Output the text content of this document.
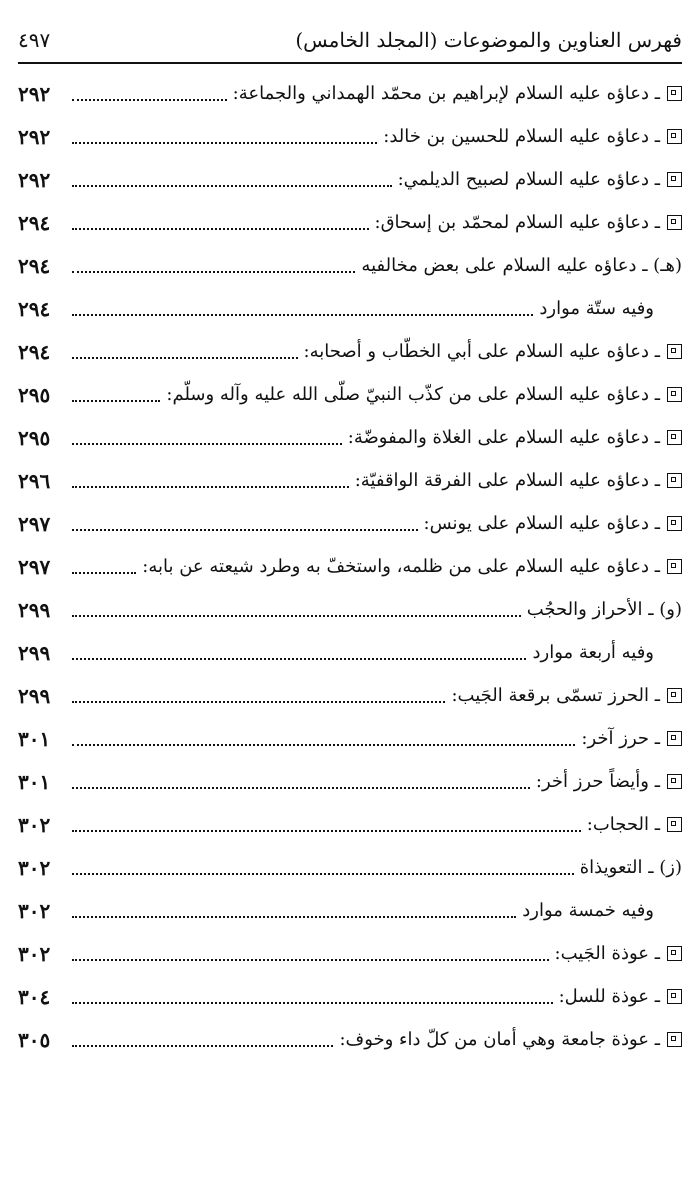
فهرس العناوين والموضوعات (المجلد الخامس)
٤٩٧
ـ دعاؤه عليه السلام لإبراهيم بن محمّد الهمداني والجماعة:
٢٩٢
ـ دعاؤه عليه السلام للحسين بن خالد:
٢٩٢
ـ دعاؤه عليه السلام لصبيح الديلمي:
٢٩٢
ـ دعاؤه عليه السلام لمحمّد بن إسحاق:
٢٩٤
(هـ) ـ دعاؤه عليه السلام على بعض مخالفيه
٢٩٤
وفيه ستّة موارد
٢٩٤
ـ دعاؤه عليه السلام على أبي الخطّاب و أصحابه:
٢٩٤
ـ دعاؤه عليه السلام على من كذّب النبيّ صلّى الله عليه وآله وسلّم:
٢٩٥
ـ دعاؤه عليه السلام على الغلاة والمفوضّة:
٢٩٥
ـ دعاؤه عليه السلام على الفرقة الواقفيّة:
٢٩٦
ـ دعاؤه عليه السلام على يونس:
٢٩٧
ـ دعاؤه عليه السلام على من ظلمه، واستخفّ به وطرد شيعته عن بابه:
٢٩٧
(و) ـ الأحراز والحجُب
٢٩٩
وفيه أربعة موارد
٢٩٩
ـ الحرز تسمّى برقعة الجَيب:
٢٩٩
ـ حرز آخر:
٣٠١
ـ وأيضاً حرز أخر:
٣٠١
ـ الحجاب:
٣٠٢
(ز) ـ التعويذاة
٣٠٢
وفيه خمسة موارد
٣٠٢
ـ عوذة الجَيب:
٣٠٢
ـ عوذة للسل:
٣٠٤
ـ عوذة جامعة وهي أمان من كلّ داء وخوف:
٣٠٥
